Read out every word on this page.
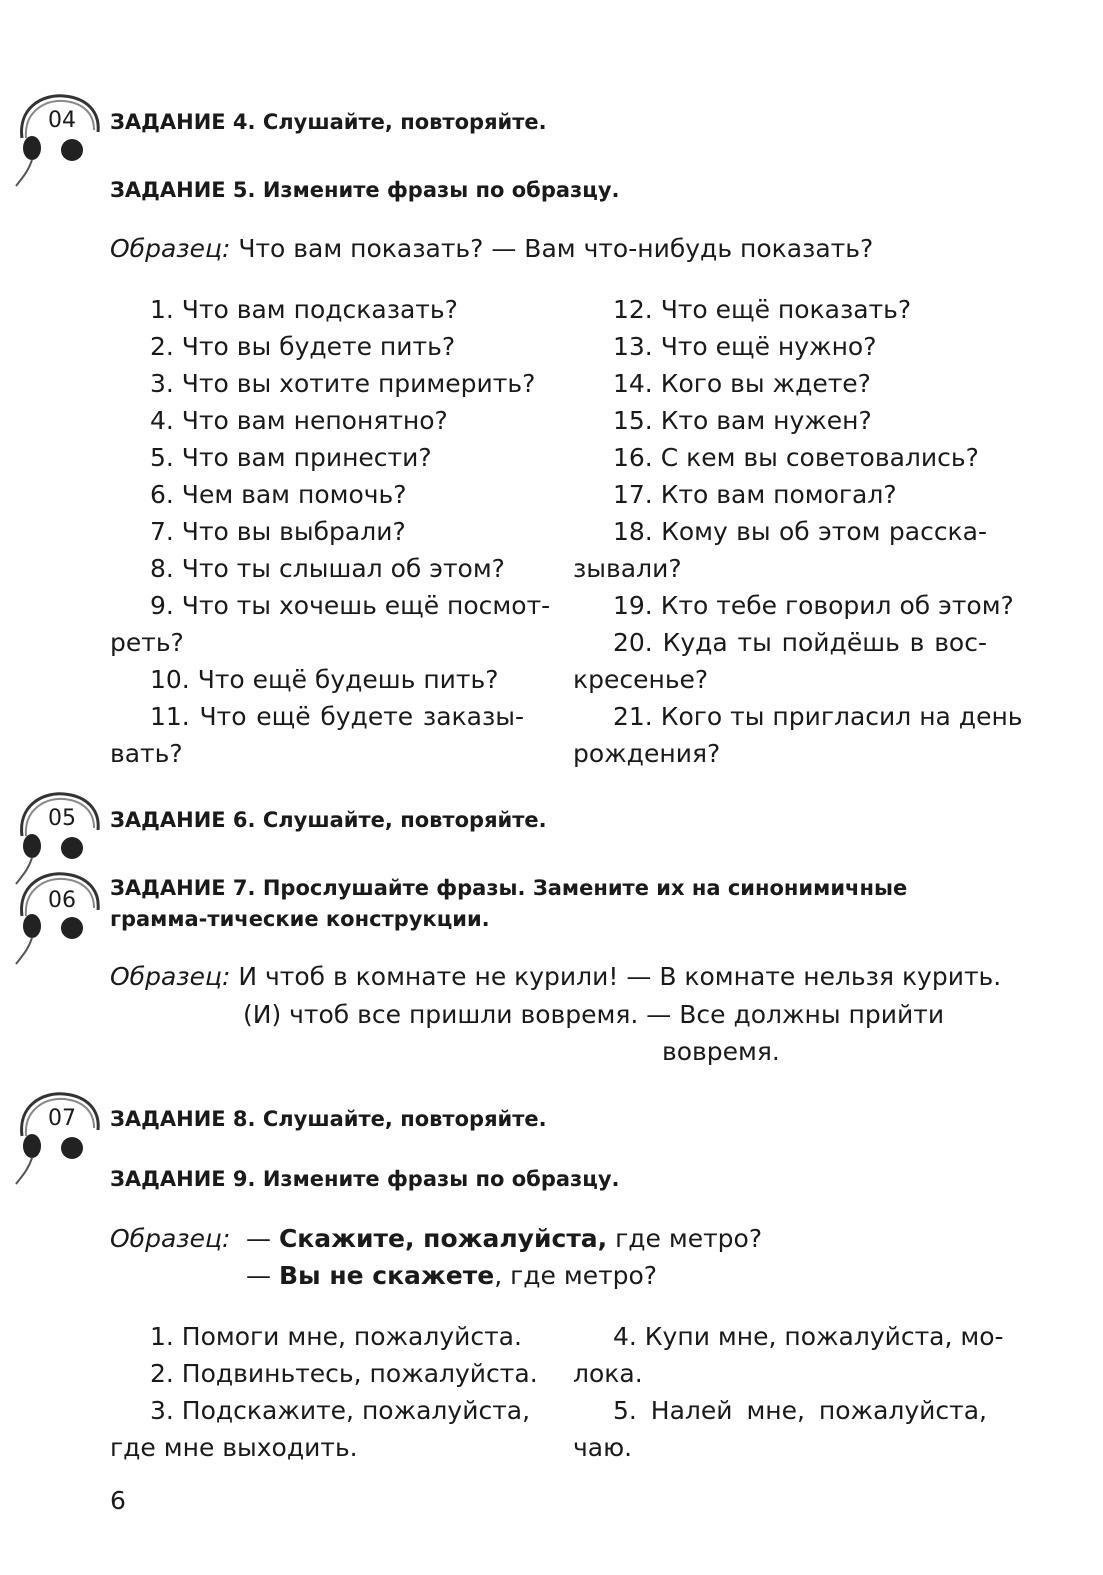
04
05
06
07
ЗАДАНИЕ 4. Слушайте, повторяйте.
ЗАДАНИЕ 5. Измените фразы по образцу.
Образец: Что вам показать? — Вам что-нибудь показать?
1. Что вам подсказать?
2. Что вы будете пить?
3. Что вы хотите примерить?
4. Что вам непонятно?
5. Что вам принести?
6. Чем вам помочь?
7. Что вы выбрали?
8. Что ты слышал об этом?
9. Что ты хочешь ещё посмот-
реть?
10. Что ещё будешь пить?
11. Что ещё будете заказы-
вать?
12. Что ещё показать?
13. Что ещё нужно?
14. Кого вы ждете?
15. Кто вам нужен?
16. С кем вы советовались?
17. Кто вам помогал?
18. Кому вы об этом расска-
зывали?
19. Кто тебе говорил об этом?
20. Куда ты пойдёшь в вос-
кресенье?
21. Кого ты пригласил на день
рождения?
ЗАДАНИЕ 6. Слушайте, повторяйте.
ЗАДАНИЕ 7. Прослушайте фразы. Замените их на синонимичные грамма-тические конструкции.
Образец: И чтоб в комнате не курили! — В комнате нельзя курить.
(И) чтоб все пришли вовремя. — Все должны прийти
вовремя.
ЗАДАНИЕ 8. Слушайте, повторяйте.
ЗАДАНИЕ 9. Измените фразы по образцу.
Образец: — Скажите, пожалуйста, где метро?
— Вы не скажете, где метро?
1. Помоги мне, пожалуйста.
2. Подвиньтесь, пожалуйста.
3. Подскажите, пожалуйста,
где мне выходить.
4. Купи мне, пожалуйста, мо-
лока.
5. Налей мне, пожалуйста,
чаю.
6
